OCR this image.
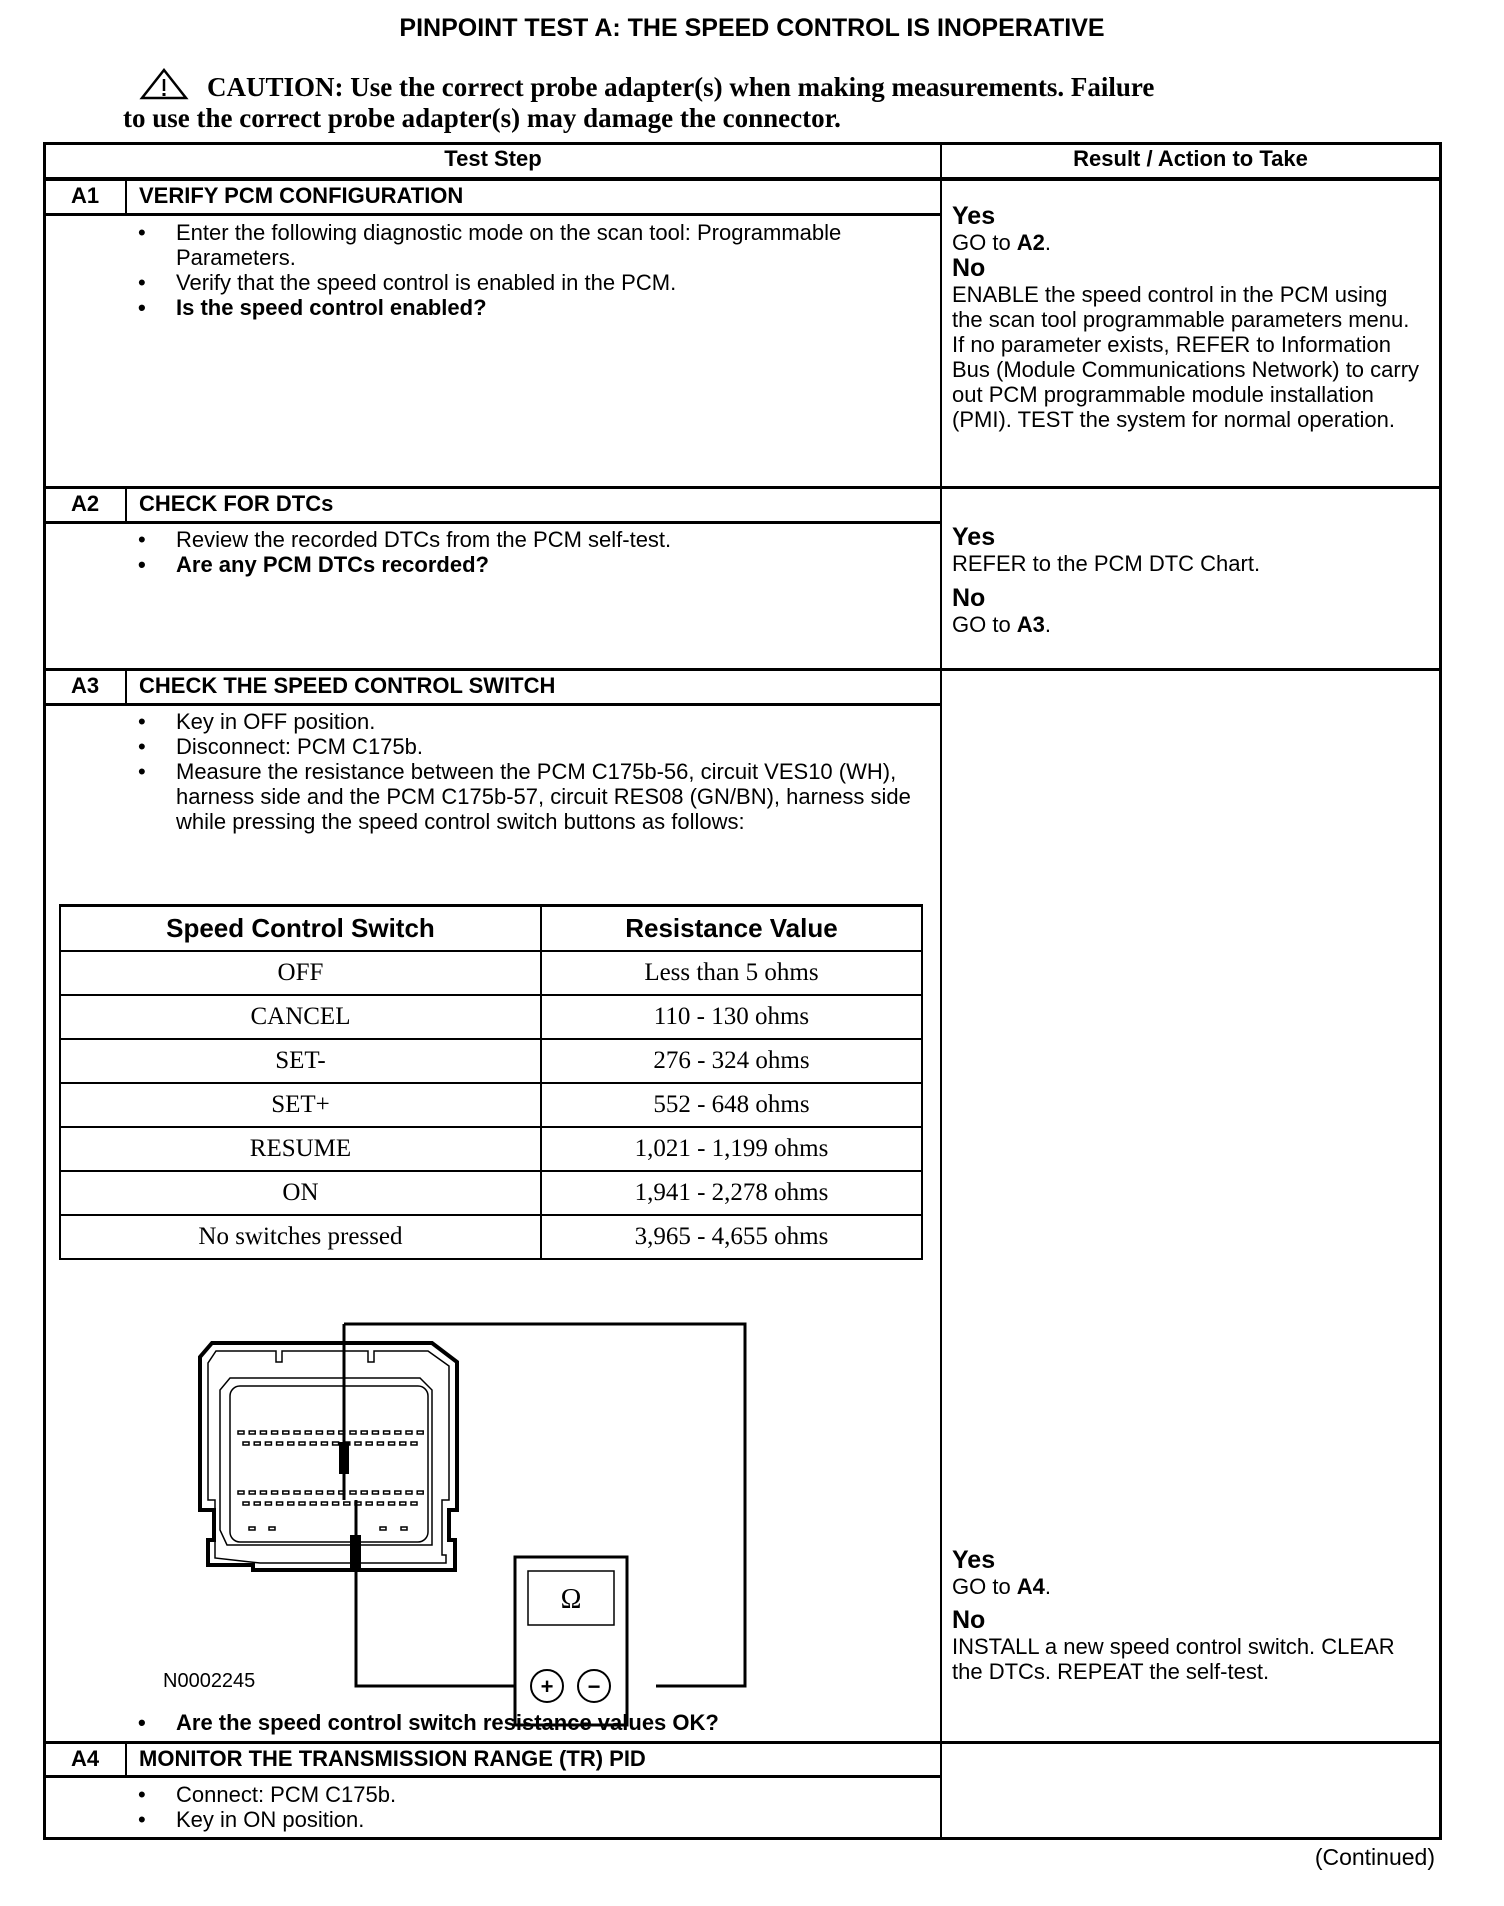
PINPOINT TEST A: THE SPEED CONTROL IS INOPERATIVE
CAUTION: Use the correct probe adapter(s) when making measurements. Failure
to use the correct probe adapter(s) may damage the connector.
Test Step	Result / Action to Take
A1	VERIFY PCM CONFIGURATION
• Enter the following diagnostic mode on the scan tool: Programmable Parameters.
• Verify that the speed control is enabled in the PCM.
• Is the speed control enabled?
Yes
GO to A2.
No
ENABLE the speed control in the PCM using the scan tool programmable parameters menu. If no parameter exists, REFER to Information Bus (Module Communications Network) to carry out PCM programmable module installation (PMI). TEST the system for normal operation.
A2	CHECK FOR DTCs
• Review the recorded DTCs from the PCM self-test.
• Are any PCM DTCs recorded?
Yes
REFER to the PCM DTC Chart.
No
GO to A3.
A3	CHECK THE SPEED CONTROL SWITCH
• Key in OFF position.
• Disconnect: PCM C175b.
• Measure the resistance between the PCM C175b-56, circuit VES10 (WH), harness side and the PCM C175b-57, circuit RES08 (GN/BN), harness side while pressing the speed control switch buttons as follows:
Speed Control Switch	Resistance Value
OFF	Less than 5 ohms
CANCEL	110 - 130 ohms
SET-	276 - 324 ohms
SET+	552 - 648 ohms
RESUME	1,021 - 1,199 ohms
ON	1,941 - 2,278 ohms
No switches pressed	3,965 - 4,655 ohms
Ω
+ −
N0002245
• Are the speed control switch resistance values OK?
Yes
GO to A4.
No
INSTALL a new speed control switch. CLEAR the DTCs. REPEAT the self-test.
A4	MONITOR THE TRANSMISSION RANGE (TR) PID
• Connect: PCM C175b.
• Key in ON position.
(Continued)
